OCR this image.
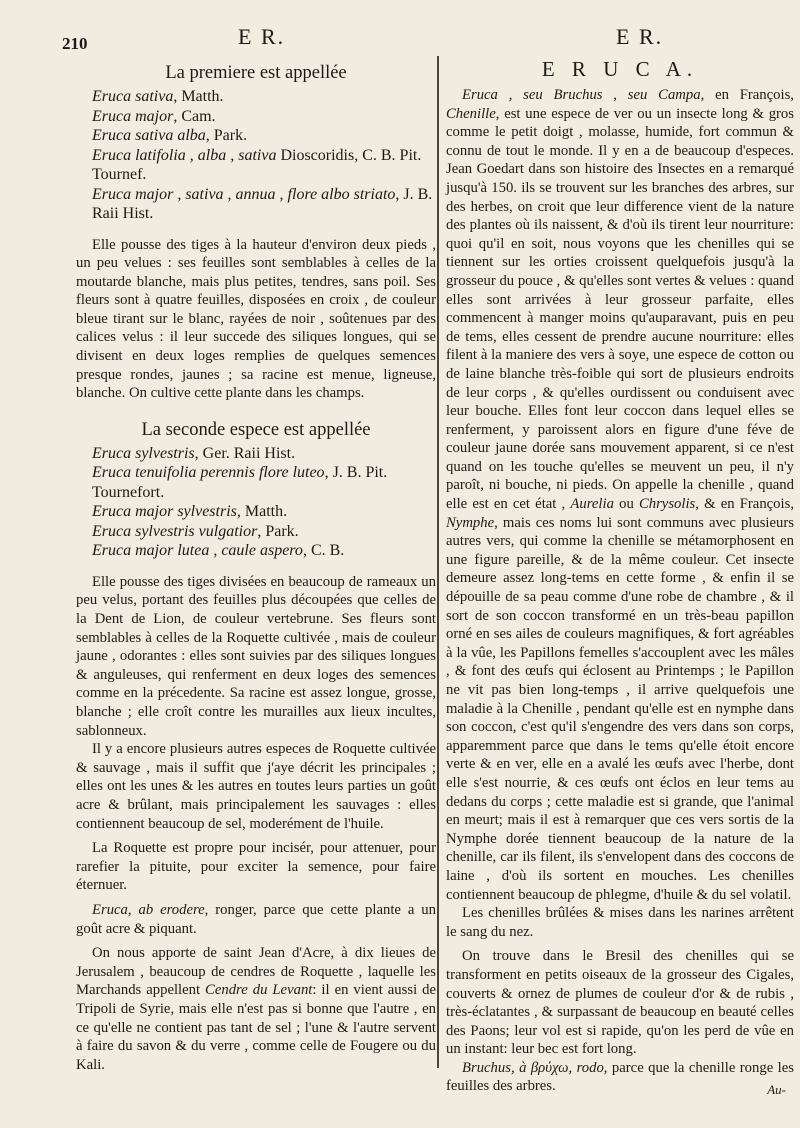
210	E R.	E R.
La premiere est appellée
Eruca sativa, Matth.
Eruca major, Cam.
Eruca sativa alba, Park.
Eruca latifolia , alba , sativa Dioscoridis, C. B. Pit. Tournef.
Eruca major , sativa , annua , flore albo striato, J. B. Raii Hist.

Elle pousse des tiges à la hauteur d'environ deux pieds , un peu velues : ses feuilles sont semblables à celles de la moutarde blanche, mais plus petites, tendres, sans poil. Ses fleurs sont à quatre feuilles, disposées en croix , de couleur bleue tirant sur le blanc, rayées de noir , soûtenues par des calices velus : il leur succede des siliques longues, qui se divisent en deux loges remplies de quelques semences presque rondes, jaunes ; sa racine est menue, ligneuse, blanche. On cultive cette plante dans les champs.

La seconde espece est appellée
Eruca sylvestris, Ger. Raii Hist.
Eruca tenuifolia perennis flore luteo, J. B. Pit. Tournefort.
Eruca major sylvestris, Matth.
Eruca sylvestris vulgatior, Park.
Eruca major lutea , caule aspero, C. B.

Elle pousse des tiges divisées en beaucoup de rameaux un peu velus, portant des feuilles plus découpées que celles de la Dent de Lion, de couleur vertebrune. Ses fleurs sont semblables à celles de la Roquette cultivée , mais de couleur jaune , odorantes : elles sont suivies par des siliques longues & anguleuses, qui renferment en deux loges des semences comme en la précedente. Sa racine est assez longue, grosse, blanche ; elle croît contre les murailles aux lieux incultes, sablonneux.

Il y a encore plusieurs autres especes de Roquette cultivée & sauvage , mais il suffit que j'aye décrit les principales ; elles ont les unes & les autres en toutes leurs parties un goût acre & brûlant, mais principalement les sauvages : elles contiennent beaucoup de sel, moderément de l'huile.

La Roquette est propre pour incisér, pour attenuer, pour rarefier la pituite, pour exciter la semence, pour faire éternuer.

Eruca, ab erodere, ronger, parce que cette plante a un goût acre & piquant.

On nous apporte de saint Jean d'Acre, à dix lieues de Jerusalem , beaucoup de cendres de Roquette , laquelle les Marchands appellent Cendre du Levant: il en vient aussi de Tripoli de Syrie, mais elle n'est pas si bonne que l'autre , en ce qu'elle ne contient pas tant de sel ; l'une & l'autre servent à faire du savon & du verre , comme celle de Fougere ou du Kali.

E R U C A.

Eruca , seu Bruchus , seu Campa, en François, Chenille, est une espece de ver ou un insecte long & gros comme le petit doigt , molasse, humide, fort commun & connu de tout le monde. Il y en a de beaucoup d'especes. Jean Goedart dans son histoire des Insectes en a remarqué jusqu'à 150. ils se trouvent sur les branches des arbres, sur des herbes, on croit que leur difference vient de la nature des plantes où ils naissent, & d'où ils tirent leur nourriture: quoi qu'il en soit, nous voyons que les chenilles qui se tiennent sur les orties croissent quelquefois jusqu'à la grosseur du pouce , & qu'elles sont vertes & velues : quand elles sont arrivées à leur grosseur parfaite, elles commencent à manger moins qu'auparavant, puis en peu de tems, elles cessent de prendre aucune nourriture: elles filent à la maniere des vers à soye, une espece de cotton ou de laine blanche très-foible qui sort de plusieurs endroits de leur corps , & qu'elles ourdissent ou conduisent avec leur bouche. Elles font leur coccon dans lequel elles se renferment, y paroissent alors en figure d'une féve de couleur jaune dorée sans mouvement apparent, si ce n'est quand on les touche qu'elles se meuvent un peu, il n'y paroît, ni bouche, ni pieds. On appelle la chenille , quand elle est en cet état , Aurelia ou Chrysolis, & en François, Nymphe, mais ces noms lui sont communs avec plusieurs autres vers, qui comme la chenille se métamorphosent en une figure pareille, & de la même couleur. Cet insecte demeure assez long-tems en cette forme , & enfin il se dépouille de sa peau comme d'une robe de chambre , & il sort de son coccon transformé en un très-beau papillon orné en ses ailes de couleurs magnifiques, & fort agréables à la vûe, les Papillons femelles s'accouplent avec les mâles , & font des œufs qui éclosent au Printemps ; le Papillon ne vit pas bien long-temps , il arrive quelquefois une maladie à la Chenille , pendant qu'elle est en nymphe dans son coccon, c'est qu'il s'engendre des vers dans son corps, apparemment parce que dans le tems qu'elle étoit encore verte & en ver, elle en a avalé les œufs avec l'herbe, dont elle s'est nourrie, & ces œufs ont éclos en leur tems au dedans du corps ; cette maladie est si grande, que l'animal en meurt; mais il est à remarquer que ces vers sortis de la Nymphe dorée tiennent beaucoup de la nature de la chenille, car ils filent, ils s'envelopent dans des coccons de laine , d'où ils sortent en mouches. Les chenilles contiennent beaucoup de phlegme, d'huile & du sel volatil.

Les chenilles brûlées & mises dans les narines arrêtent le sang du nez.

On trouve dans le Bresil des chenilles qui se transforment en petits oiseaux de la grosseur des Cigales, couverts & ornez de plumes de couleur d'or & de rubis , très-éclatantes , & surpassant de beaucoup en beauté celles des Paons; leur vol est si rapide, qu'on les perd de vûe en un instant: leur bec est fort long.

Bruchus, à βρύχω, rodo, parce que la chenille ronge les feuilles des arbres.	Au-
